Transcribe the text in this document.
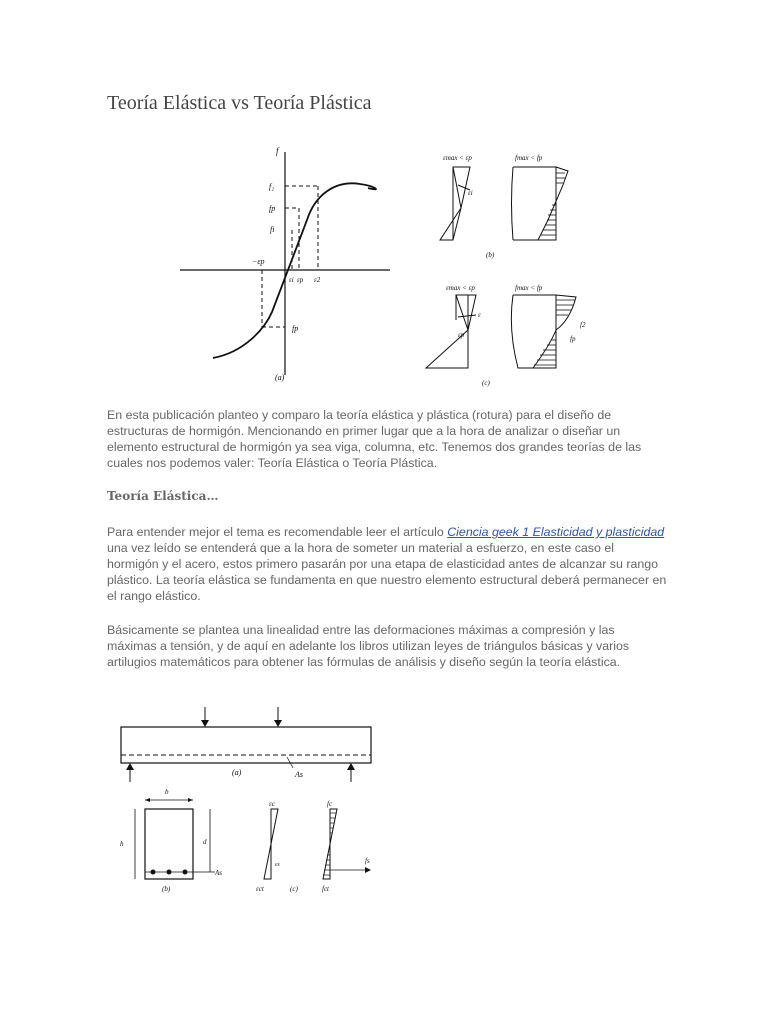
Teoría Elástica vs Teoría Plástica
f
f₂
fp
fi
−εp
εi εp ε2
fp
(a)
εmax < εp
εi
fmax < fp
(b)
εmax < εp
ε
εp
fmax < fp
f2
fp
(c)

En esta publicación planteo y comparo la teoría elástica y plástica (rotura) para el diseño de estructuras de hormigón. Mencionando en primer lugar que a la hora de analizar o diseñar un elemento estructural de hormigón ya sea viga, columna, etc. Tenemos dos grandes teorías de las cuales nos podemos valer: Teoría Elástica o Teoría Plástica.

Teoría Elástica…

Para entender mejor el tema es recomendable leer el artículo Ciencia geek 1 Elasticidad y plasticidad una vez leído se entenderá que a la hora de someter un material a esfuerzo, en este caso el hormigón y el acero, estos primero pasarán por una etapa de elasticidad antes de alcanzar su rango plástico. La teoría elástica se fundamenta en que nuestro elemento estructural deberá permanecer en el rango elástico.

Básicamente se plantea una linealidad entre las deformaciones máximas a compresión y las máximas a tensión, y de aquí en adelante los libros utilizan leyes de triángulos básicas y varios artilugios matemáticos para obtener las fórmulas de análisis y diseño según la teoría elástica.

(a)	As
b
h	d
As
(b)
εc
εs
εct	(c)
fc
fs
fct
